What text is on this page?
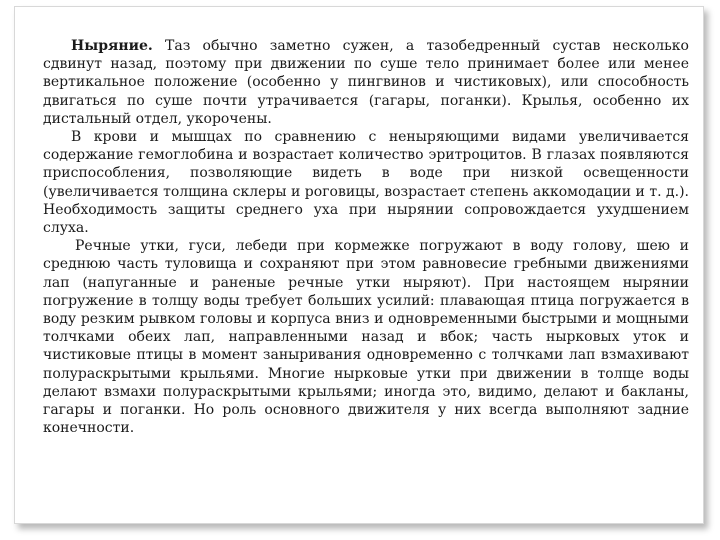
Ныряние. Таз обычно заметно сужен, а тазобедренный сустав несколько сдвинут назад, поэтому при движении по суше тело принимает более или менее вертикальное положение (особенно у пингвинов и чистиковых), или способность двигаться по суше почти утрачивается (гагары, поганки). Крылья, особенно их дистальный отдел, укорочены.

В крови и мышцах по сравнению с неныряющими видами увеличивается содержание гемоглобина и возрастает количество эритроцитов. В глазах появляются приспособления, позволяющие видеть в воде при низкой освещенности (увеличивается толщина склеры и роговицы, возрастает степень аккомодации и т. д.). Необходимость защиты среднего уха при нырянии сопровождается ухудшением слуха.

Речные утки, гуси, лебеди при кормежке погружают в воду голову, шею и среднюю часть туловища и сохраняют при этом равновесие гребными движениями лап (напуганные и раненые речные утки ныряют). При настоящем нырянии погружение в толщу воды требует больших усилий: плавающая птица погружается в воду резким рывком головы и корпуса вниз и одновременными быстрыми и мощными толчками обеих лап, направленными назад и вбок; часть нырковых уток и чистиковые птицы в момент заныривания одновременно с толчками лап взмахивают полураскрытыми крыльями. Многие нырковые утки при движении в толще воды делают взмахи полураскрытыми крыльями; иногда это, видимо, делают и бакланы, гагары и поганки. Но роль основного движителя у них всегда выполняют задние конечности.
